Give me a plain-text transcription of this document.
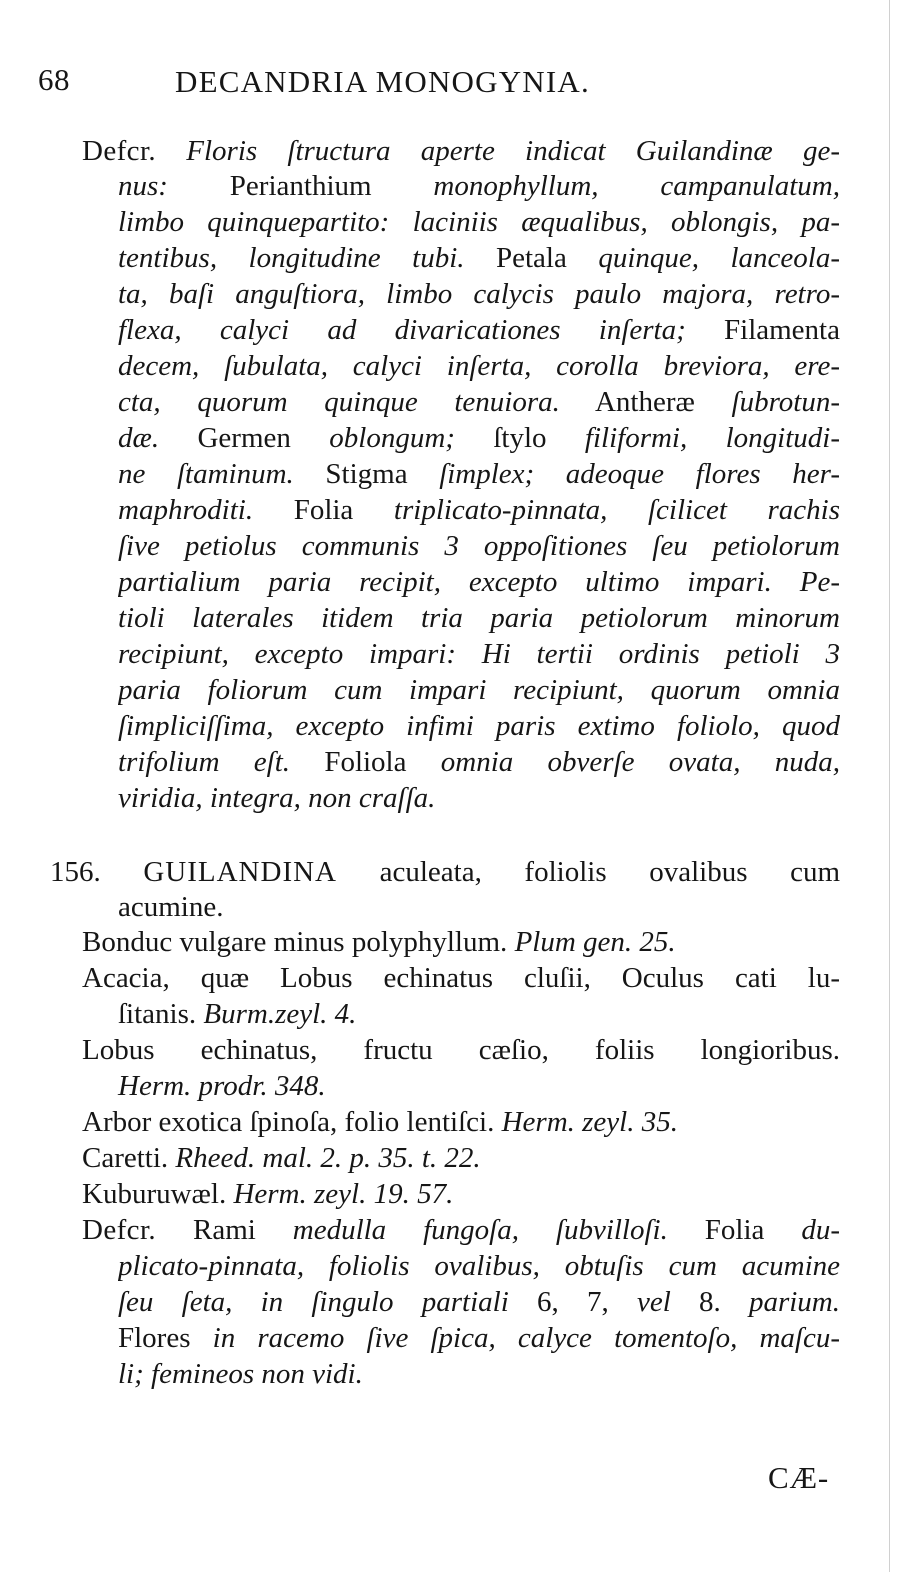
68	DECANDRIA MONOGYNIA.
Defcr. Floris ſtructura aperte indicat Guilandinæ ge-
nus: Perianthium monophyllum, campanulatum,
limbo quinquepartito: laciniis æqualibus, oblongis, pa-
tentibus, longitudine tubi. Petala quinque, lanceola-
ta, baſi anguſtiora, limbo calycis paulo majora, retro-
flexa, calyci ad divaricationes inſerta; Filamenta
decem, ſubulata, calyci inſerta, corolla breviora, ere-
cta, quorum quinque tenuiora. Antheræ ſubrotun-
dæ. Germen oblongum; ſtylo filiformi, longitudi-
ne ſtaminum. Stigma ſimplex; adeoque flores her-
maphroditi. Folia triplicato-pinnata, ſcilicet rachis
ſive petiolus communis 3 oppoſitiones ſeu petiolorum
partialium paria recipit, excepto ultimo impari. Pe-
tioli laterales itidem tria paria petiolorum minorum
recipiunt, excepto impari: Hi tertii ordinis petioli 3
paria foliorum cum impari recipiunt, quorum omnia
ſimpliciſſima, excepto infimi paris extimo foliolo, quod
trifolium eſt. Foliola omnia obverſe ovata, nuda,
viridia, integra, non craſſa.
156. GUILANDINA aculeata, foliolis ovalibus cum
acumine.
Bonduc vulgare minus polyphyllum. Plum gen. 25.
Acacia, quæ Lobus echinatus cluſii, Oculus cati lu-
ſitanis. Burm.zeyl. 4.
Lobus echinatus, fructu cæſio, foliis longioribus.
Herm. prodr. 348.
Arbor exotica ſpinoſa, folio lentiſci. Herm. zeyl. 35.
Caretti. Rheed. mal. 2. p. 35. t. 22.
Kuburuwæl. Herm. zeyl. 19. 57.
Defcr. Rami medulla fungoſa, ſubvilloſi. Folia du-
plicato-pinnata, foliolis ovalibus, obtuſis cum acumine
ſeu ſeta, in ſingulo partiali 6, 7, vel 8. parium.
Flores in racemo ſive ſpica, calyce tomentoſo, maſcu-
li; femineos non vidi.
CÆ-
